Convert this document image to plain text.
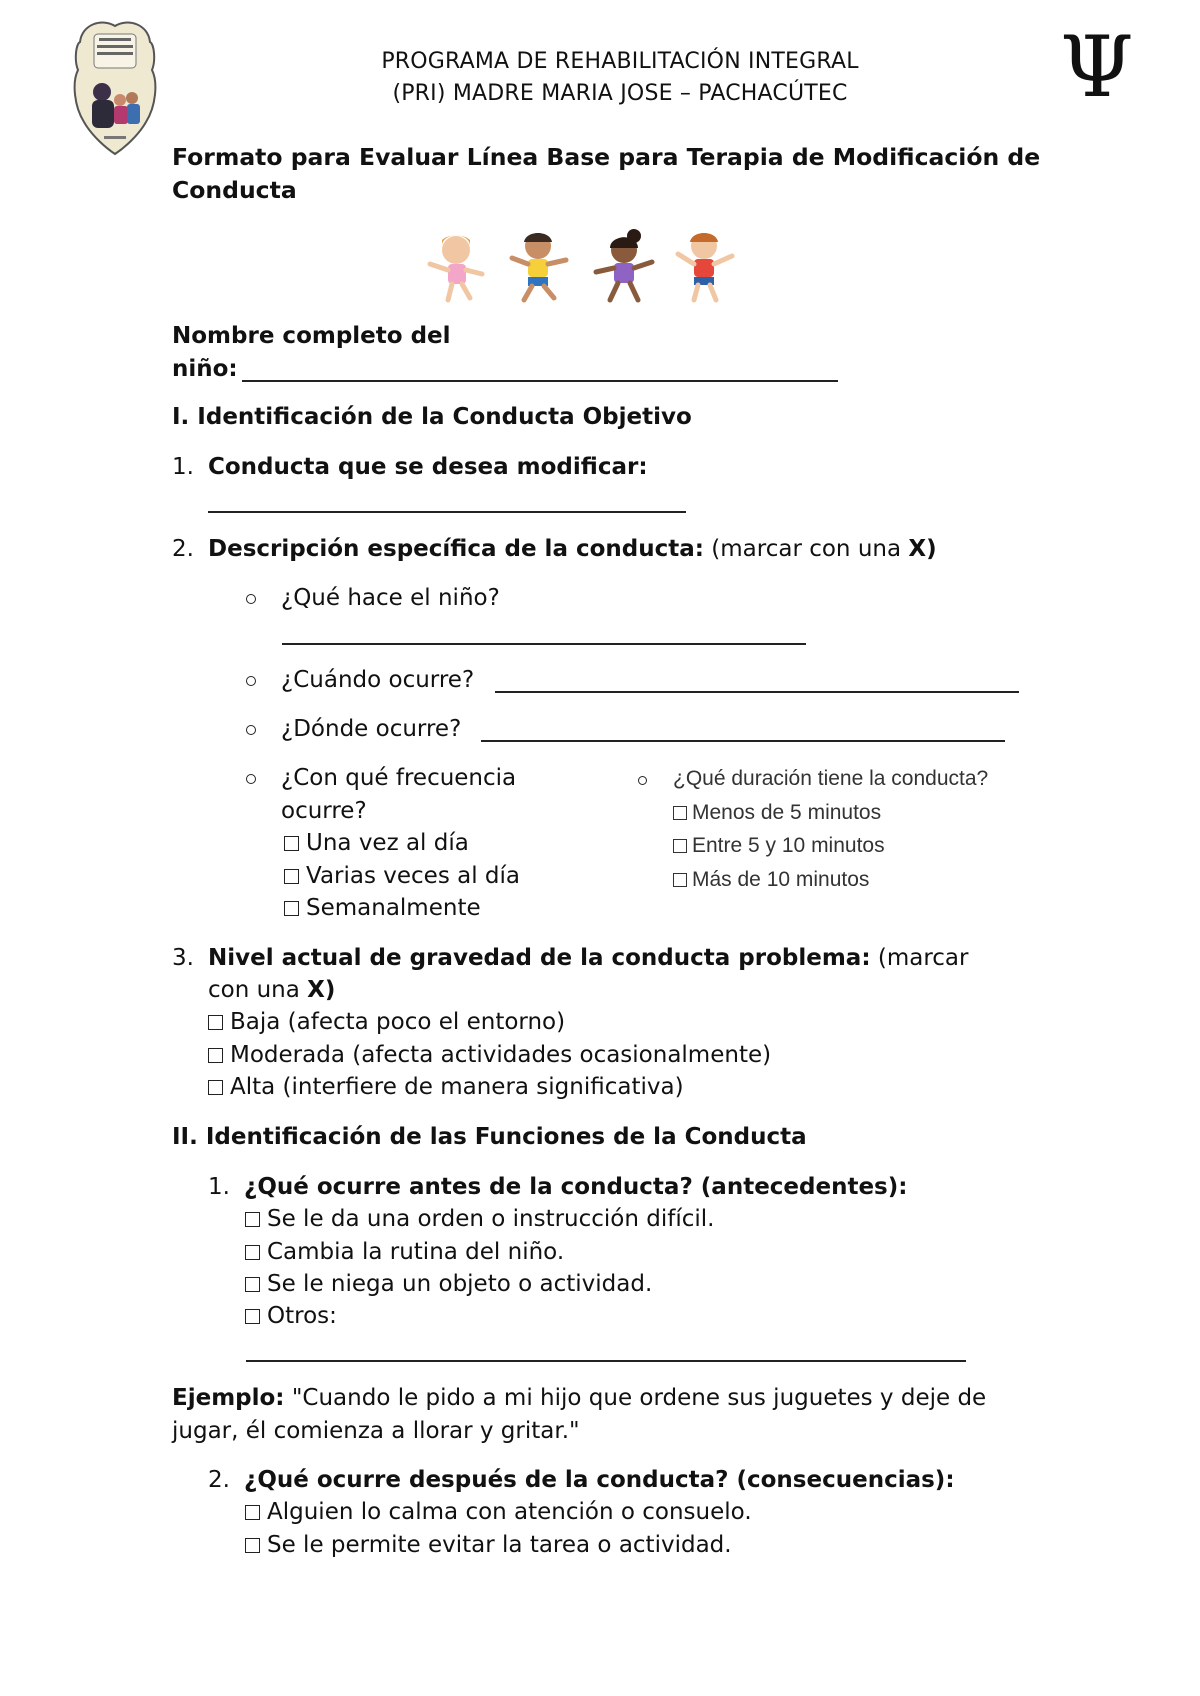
PROGRAMA DE REHABILITACIÓN INTEGRAL
(PRI) MADRE MARIA JOSE – PACHACÚTEC	Ψ
Formato para Evaluar Línea Base para Terapia de Modificación de Conducta
Nombre completo del
niño:
I. Identificación de la Conducta Objetivo
1. Conducta que se desea modificar:
2. Descripción específica de la conducta: (marcar con una X)
¿Qué hace el niño?
¿Cuándo ocurre?
¿Dónde ocurre?
¿Con qué frecuencia
ocurre?
Una vez al día
Varias veces al día
Semanalmente
¿Qué duración tiene la conducta?
Menos de 5 minutos
Entre 5 y 10 minutos
Más de 10 minutos
3. Nivel actual de gravedad de la conducta problema: (marcar
con una X)
Baja (afecta poco el entorno)
Moderada (afecta actividades ocasionalmente)
Alta (interfiere de manera significativa)
II. Identificación de las Funciones de la Conducta
1. ¿Qué ocurre antes de la conducta? (antecedentes):
Se le da una orden o instrucción difícil.
Cambia la rutina del niño.
Se le niega un objeto o actividad.
Otros:
Ejemplo: "Cuando le pido a mi hijo que ordene sus juguetes y deje de
jugar, él comienza a llorar y gritar."
2. ¿Qué ocurre después de la conducta? (consecuencias):
Alguien lo calma con atención o consuelo.
Se le permite evitar la tarea o actividad.
